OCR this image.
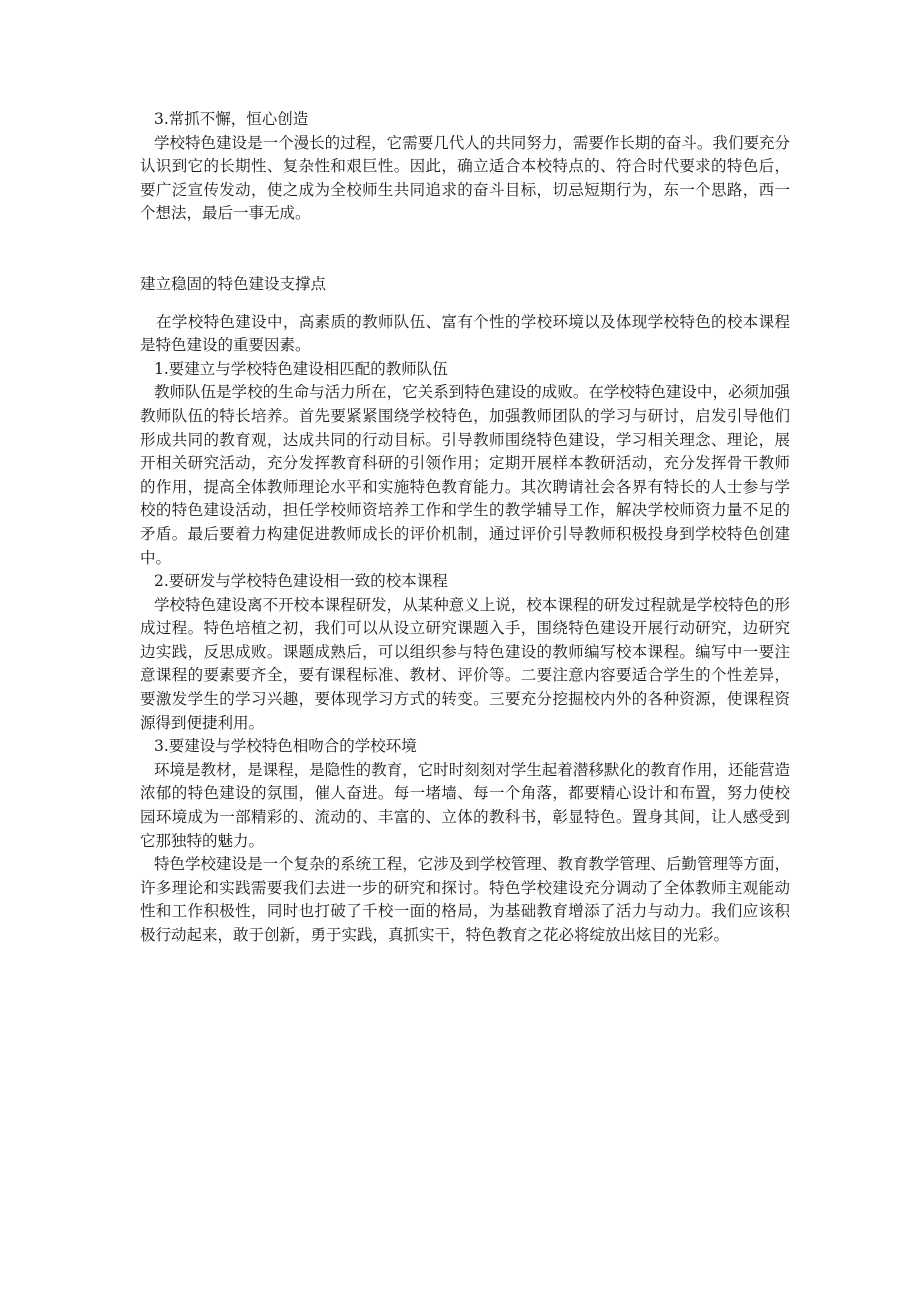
3.常抓不懈，恒心创造

学校特色建设是一个漫长的过程，它需要几代人的共同努力，需要作长期的奋斗。我们要充分认识到它的长期性、复杂性和艰巨性。因此，确立适合本校特点的、符合时代要求的特色后，要广泛宣传发动，使之成为全校师生共同追求的奋斗目标，切忌短期行为，东一个思路，西一个想法，最后一事无成。

建立稳固的特色建设支撑点

在学校特色建设中，高素质的教师队伍、富有个性的学校环境以及体现学校特色的校本课程是特色建设的重要因素。

1.要建立与学校特色建设相匹配的教师队伍

教师队伍是学校的生命与活力所在，它关系到特色建设的成败。在学校特色建设中，必须加强教师队伍的特长培养。首先要紧紧围绕学校特色，加强教师团队的学习与研讨，启发引导他们形成共同的教育观，达成共同的行动目标。引导教师围绕特色建设，学习相关理念、理论，展开相关研究活动，充分发挥教育科研的引领作用；定期开展样本教研活动，充分发挥骨干教师的作用，提高全体教师理论水平和实施特色教育能力。其次聘请社会各界有特长的人士参与学校的特色建设活动，担任学校师资培养工作和学生的教学辅导工作，解决学校师资力量不足的矛盾。最后要着力构建促进教师成长的评价机制，通过评价引导教师积极投身到学校特色创建中。

2.要研发与学校特色建设相一致的校本课程

学校特色建设离不开校本课程研发，从某种意义上说，校本课程的研发过程就是学校特色的形成过程。特色培植之初，我们可以从设立研究课题入手，围绕特色建设开展行动研究，边研究边实践，反思成败。课题成熟后，可以组织参与特色建设的教师编写校本课程。编写中一要注意课程的要素要齐全，要有课程标准、教材、评价等。二要注意内容要适合学生的个性差异，要激发学生的学习兴趣，要体现学习方式的转变。三要充分挖掘校内外的各种资源，使课程资源得到便捷利用。

3.要建设与学校特色相吻合的学校环境

环境是教材，是课程，是隐性的教育，它时时刻刻对学生起着潜移默化的教育作用，还能营造浓郁的特色建设的氛围，催人奋进。每一堵墙、每一个角落，都要精心设计和布置，努力使校园环境成为一部精彩的、流动的、丰富的、立体的教科书，彰显特色。置身其间，让人感受到它那独特的魅力。

特色学校建设是一个复杂的系统工程，它涉及到学校管理、教育教学管理、后勤管理等方面，许多理论和实践需要我们去进一步的研究和探讨。特色学校建设充分调动了全体教师主观能动性和工作积极性，同时也打破了千校一面的格局，为基础教育增添了活力与动力。我们应该积极行动起来，敢于创新，勇于实践，真抓实干，特色教育之花必将绽放出炫目的光彩。
